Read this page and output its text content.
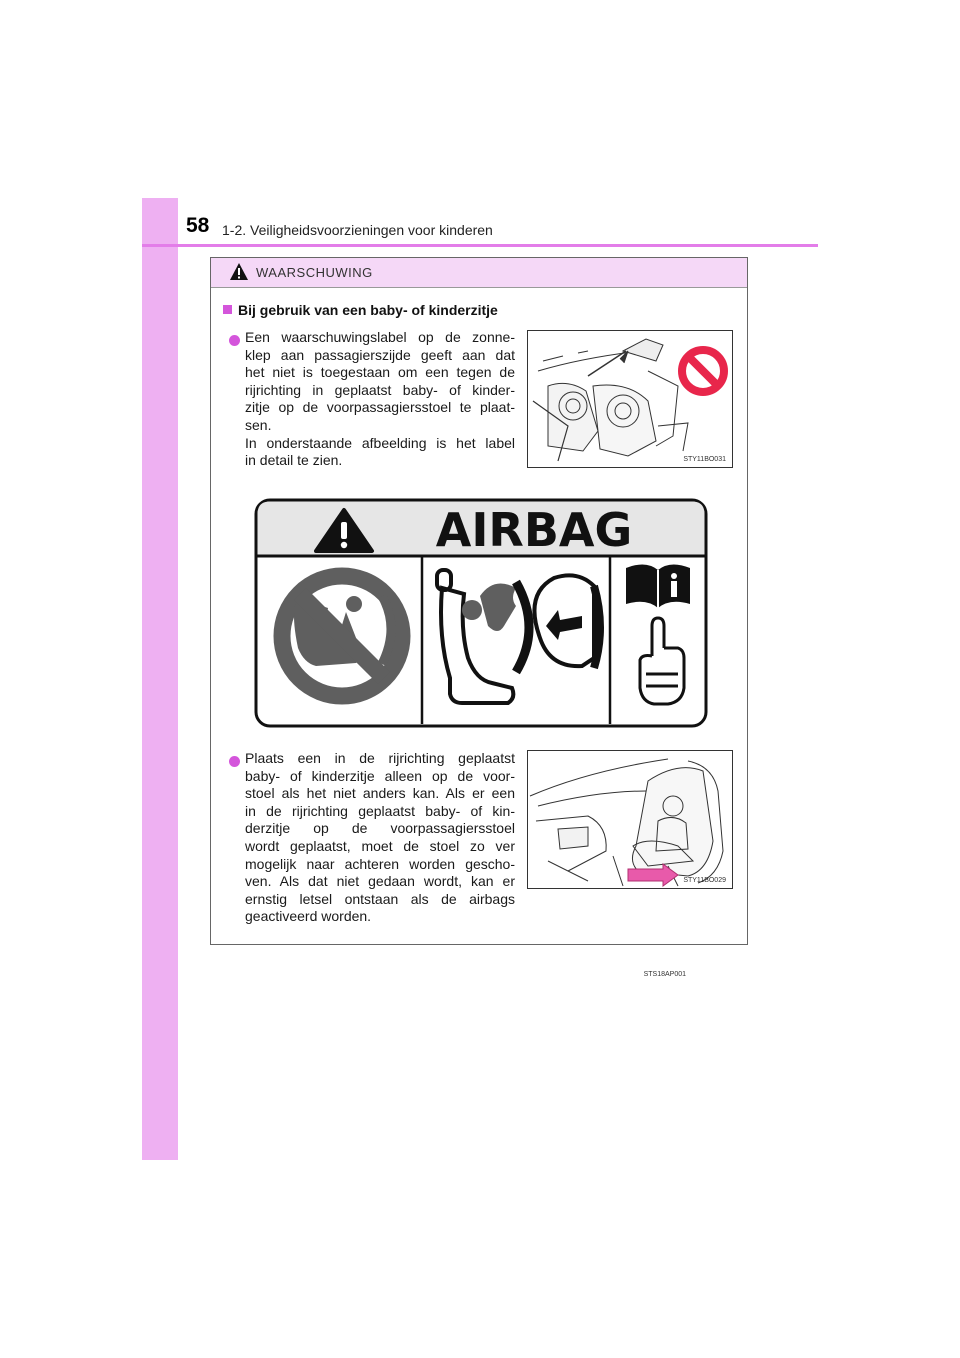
58 1-2. Veiligheidsvoorzieningen voor kinderen
WAARSCHUWING
Bij gebruik van een baby- of kinderzitje
Een waarschuwingslabel op de zonne-
klep aan passagierszijde geeft aan dat
het niet is toegestaan om een tegen de
rijrichting in geplaatst baby- of kinder-
zitje op de voorpassagiersstoel te plaat-
sen.
In onderstaande afbeelding is het label
in detail te zien.	STY11BO031
AIRBAG
STS18AP001
Plaats een in de rijrichting geplaatst
baby- of kinderzitje alleen op de voor-
stoel als het niet anders kan. Als er een
in de rijrichting geplaatst baby- of kin-
derzitje op de voorpassagiersstoel
wordt geplaatst, moet de stoel zo ver
mogelijk naar achteren worden gescho-
ven. Als dat niet gedaan wordt, kan er
ernstig letsel ontstaan als de airbags
geactiveerd worden.
STY11BO029
